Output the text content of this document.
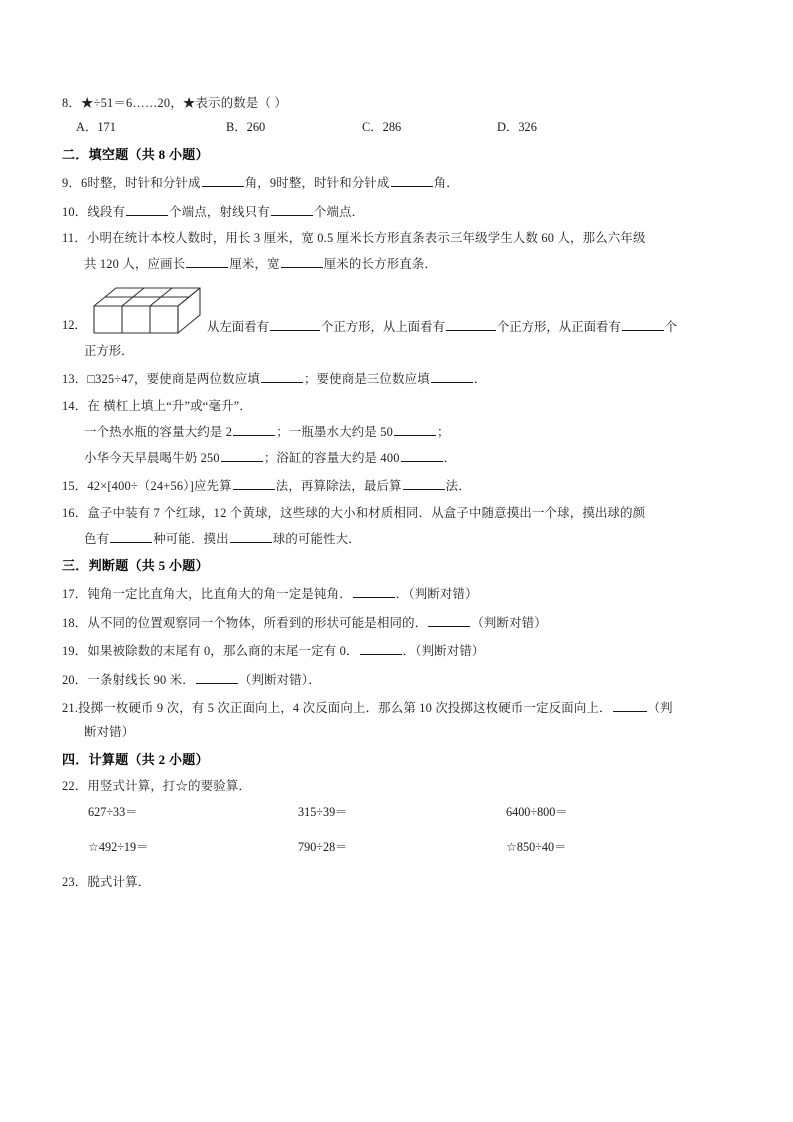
8．★÷51＝6……20，★表示的数是（ ）
A．171	B．260	C．286	D．326
二．填空题（共 8 小题）
9．6时整，时针和分针成	角，9时整，时针和分针成	角．
10．线段有	个端点，射线只有	个端点．
11．小明在统计本校人数时，用长 3 厘米，宽 0.5 厘米长方形直条表示三年级学生人数 60 人，那么六年级
共 120 人，应画长	厘米，宽	厘米的长方形直条．
12．	从左面看有	个正方形，从上面看有	个正方形，从正面看有	个
正方形．
13．□325÷47，要使商是两位数应填	；要使商是三位数应填	．
14．在 横杠上填上“升”或“毫升”．
一个热水瓶的容量大约是 2	；一瓶墨水大约是 50	；
小华今天早晨喝牛奶 250	；浴缸的容量大约是 400	．
15．42×[400÷（24+56）]应先算	法，再算除法，最后算	法．
16．盒子中装有 7 个红球，12 个黄球，这些球的大小和材质相同．从盒子中随意摸出一个球，摸出球的颜
色有	种可能．摸出	球的可能性大．
三．判断题（共 5 小题）
17．钝角一定比直角大，比直角大的角一定是钝角．	．（判断对错）
18．从不同的位置观察同一个物体，所看到的形状可能是相同的．	（判断对错）
19．如果被除数的末尾有 0，那么商的末尾一定有 0．	．（判断对错）
20．一条射线长 90 米．	（判断对错）．
21.投掷一枚硬币 9 次，有 5 次正面向上，4 次反面向上．那么第 10 次投掷这枚硬币一定反面向上．	（判
断对错）
四．计算题（共 2 小题）
22．用竖式计算，打☆的要验算．
627÷33＝	315÷39＝	6400÷800＝
☆492÷19＝	790÷28＝	☆850÷40＝
23．脱式计算．
